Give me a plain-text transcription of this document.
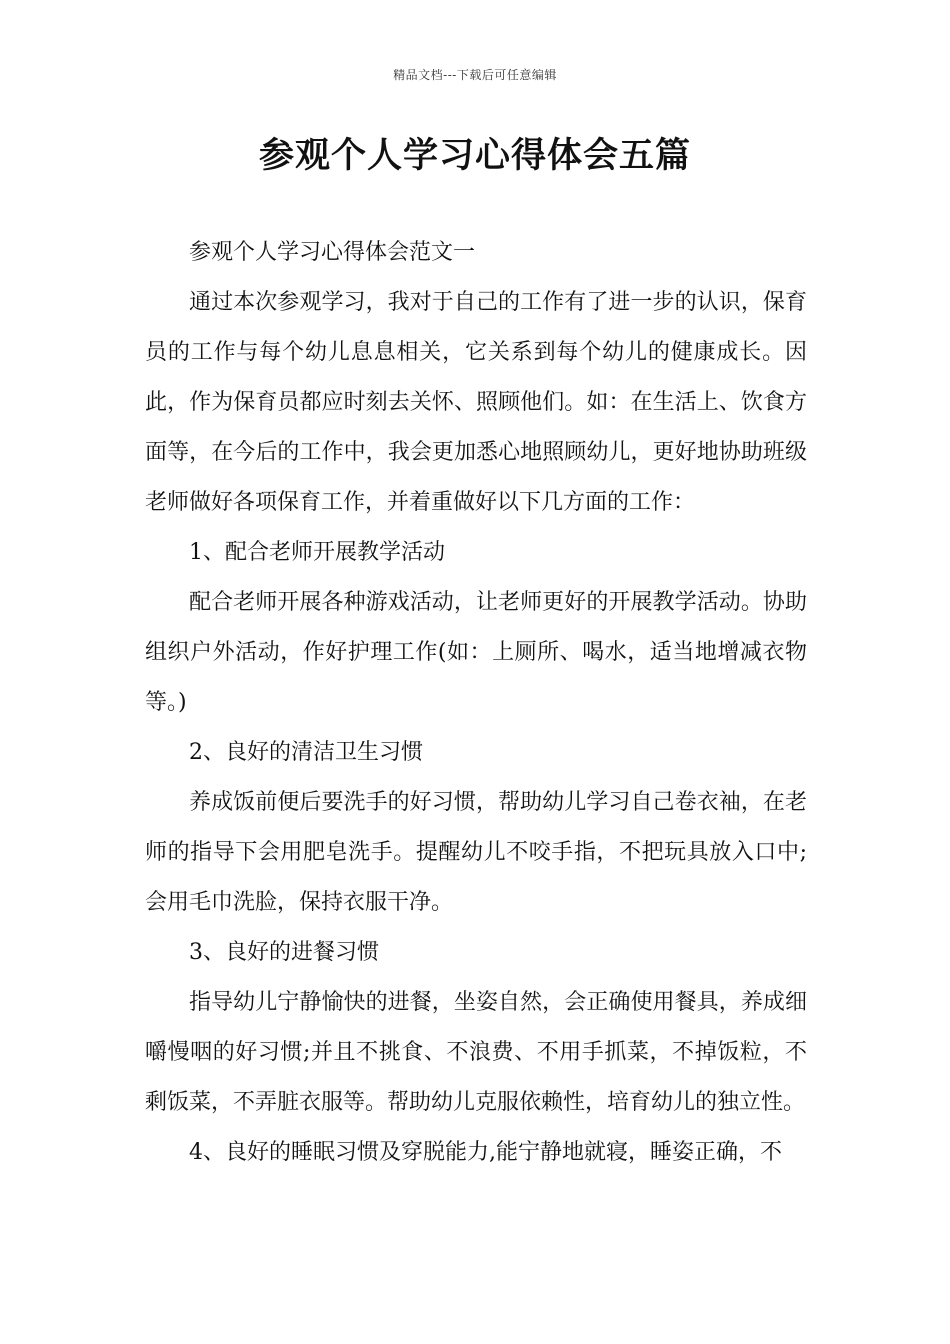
精品文档---下载后可任意编辑
参观个人学习心得体会五篇

参观个人学习心得体会范文一

通过本次参观学习，我对于自己的工作有了进一步的认识，保育员的工作与每个幼儿息息相关，它关系到每个幼儿的健康成长。因此，作为保育员都应时刻去关怀、照顾他们。如：在生活上、饮食方面等，在今后的工作中，我会更加悉心地照顾幼儿，更好地协助班级老师做好各项保育工作，并着重做好以下几方面的工作：

1、配合老师开展教学活动

配合老师开展各种游戏活动，让老师更好的开展教学活动。协助组织户外活动，作好护理工作(如：上厕所、喝水，适当地增减衣物等。)

2、良好的清洁卫生习惯

养成饭前便后要洗手的好习惯，帮助幼儿学习自己卷衣袖，在老师的指导下会用肥皂洗手。提醒幼儿不咬手指，不把玩具放入口中;会用毛巾洗脸，保持衣服干净。

3、良好的进餐习惯

指导幼儿宁静愉快的进餐，坐姿自然，会正确使用餐具，养成细嚼慢咽的好习惯;并且不挑食、不浪费、不用手抓菜，不掉饭粒，不剩饭菜，不弄脏衣服等。帮助幼儿克服依赖性，培育幼儿的独立性。

4、良好的睡眠习惯及穿脱能力,能宁静地就寝，睡姿正确，不
